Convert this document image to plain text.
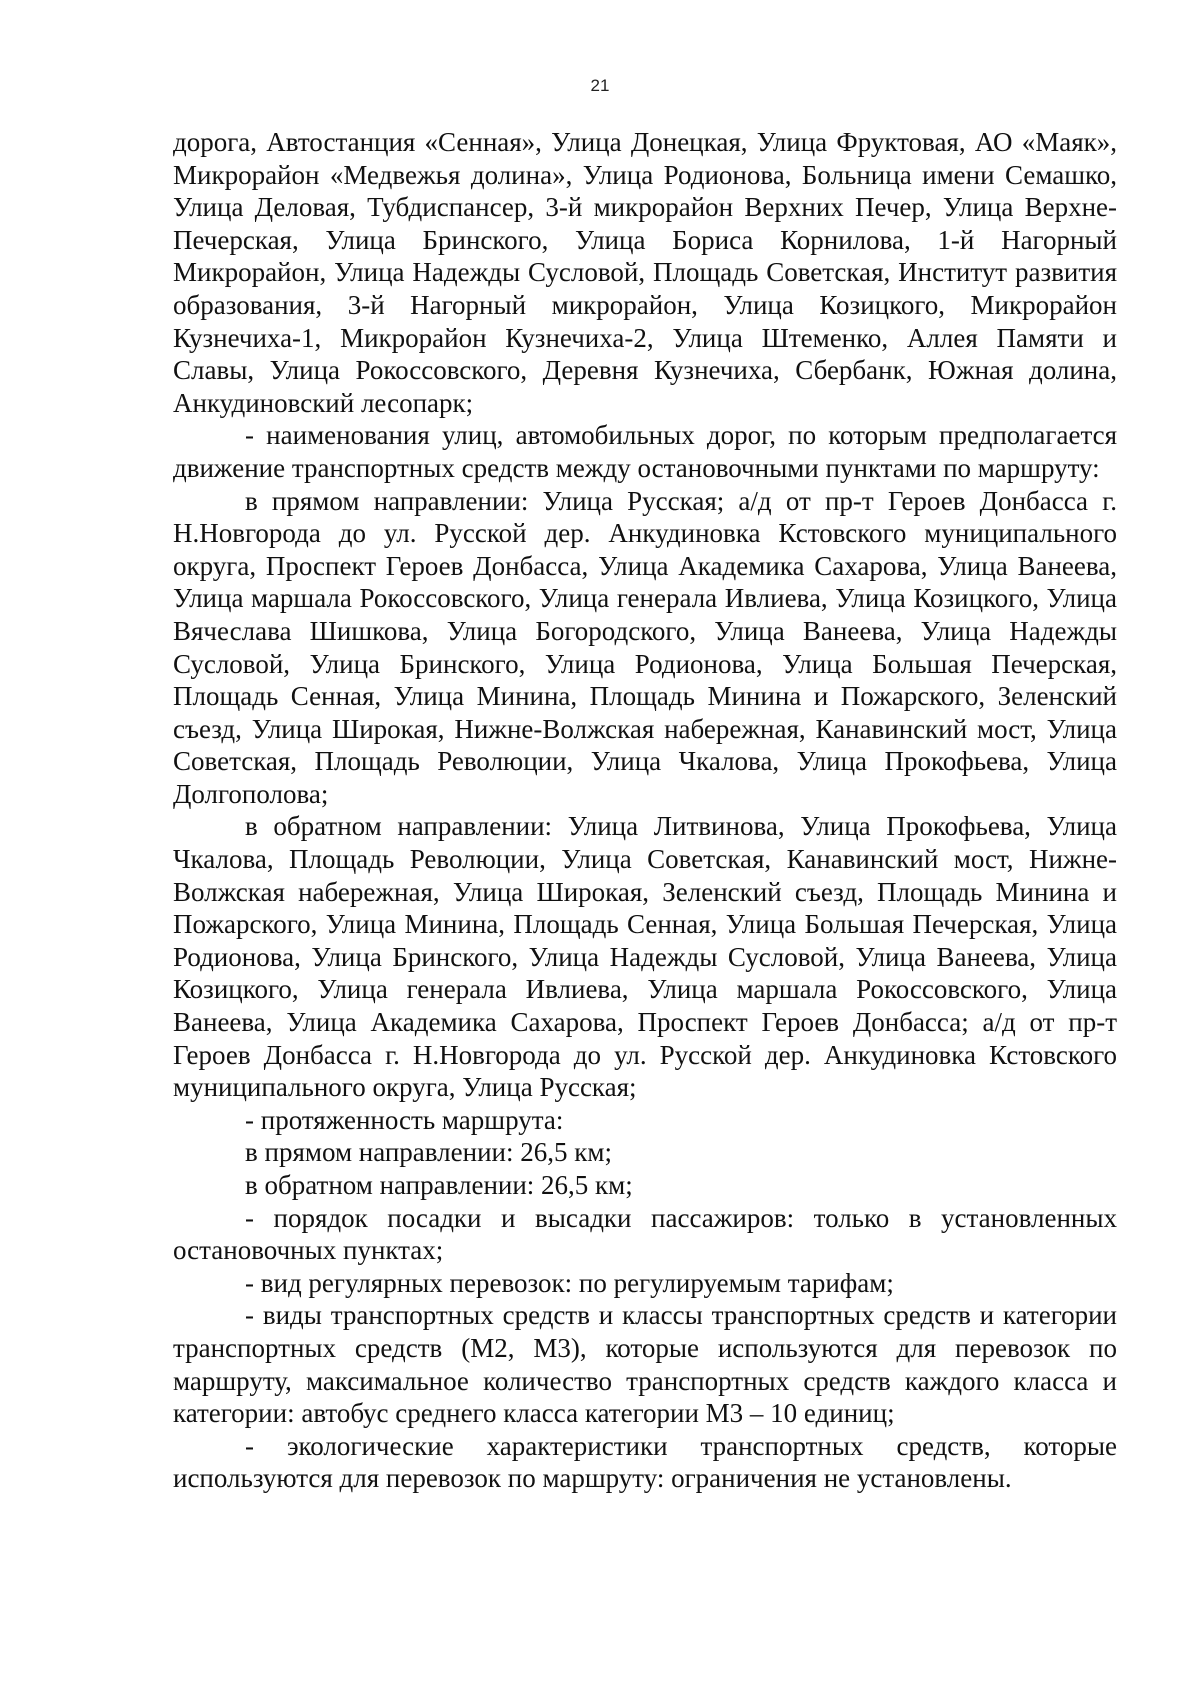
21

дорога, Автостанция «Сенная», Улица Донецкая, Улица Фруктовая, АО «Маяк», Микрорайон «Медвежья долина», Улица Родионова, Больница имени Семашко, Улица Деловая, Тубдиспансер, 3-й микрорайон Верхних Печер, Улица Верхне-Печерская, Улица Бринского, Улица Бориса Корнилова, 1-й Нагорный Микрорайон, Улица Надежды Сусловой, Площадь Советская, Институт развития образования, 3-й Нагорный микрорайон, Улица Козицкого, Микрорайон Кузнечиха-1, Микрорайон Кузнечиха-2, Улица Штеменко, Аллея Памяти и Славы, Улица Рокоссовского, Деревня Кузнечиха, Сбербанк, Южная долина, Анкудиновский лесопарк;

- наименования улиц, автомобильных дорог, по которым предполагается движение транспортных средств между остановочными пунктами по маршруту:

в прямом направлении: Улица Русская; а/д от пр-т Героев Донбасса г. Н.Новгорода до ул. Русской дер. Анкудиновка Кстовского муниципального округа, Проспект Героев Донбасса, Улица Академика Сахарова, Улица Ванеева, Улица маршала Рокоссовского, Улица генерала Ивлиева, Улица Козицкого, Улица Вячеслава Шишкова, Улица Богородского, Улица Ванеева, Улица Надежды Сусловой, Улица Бринского, Улица Родионова, Улица Большая Печерская, Площадь Сенная, Улица Минина, Площадь Минина и Пожарского, Зеленский съезд, Улица Широкая, Нижне-Волжская набережная, Канавинский мост, Улица Советская, Площадь Революции, Улица Чкалова, Улица Прокофьева, Улица Долгополова;

в обратном направлении: Улица Литвинова, Улица Прокофьева, Улица Чкалова, Площадь Революции, Улица Советская, Канавинский мост, Нижне-Волжская набережная, Улица Широкая, Зеленский съезд, Площадь Минина и Пожарского, Улица Минина, Площадь Сенная, Улица Большая Печерская, Улица Родионова, Улица Бринского, Улица Надежды Сусловой, Улица Ванеева, Улица Козицкого, Улица генерала Ивлиева, Улица маршала Рокоссовского, Улица Ванеева, Улица Академика Сахарова, Проспект Героев Донбасса; а/д от пр-т Героев Донбасса г. Н.Новгорода до ул. Русской дер. Анкудиновка Кстовского муниципального округа, Улица Русская;

- протяженность маршрута:

в прямом направлении: 26,5 км;

в обратном направлении: 26,5 км;

- порядок посадки и высадки пассажиров: только в установленных остановочных пунктах;

- вид регулярных перевозок: по регулируемым тарифам;

- виды транспортных средств и классы транспортных средств и категории транспортных средств (М2, М3), которые используются для перевозок по маршруту, максимальное количество транспортных средств каждого класса и категории: автобус среднего класса категории М3 – 10 единиц;

- экологические характеристики транспортных средств, которые используются для перевозок по маршруту: ограничения не установлены.
